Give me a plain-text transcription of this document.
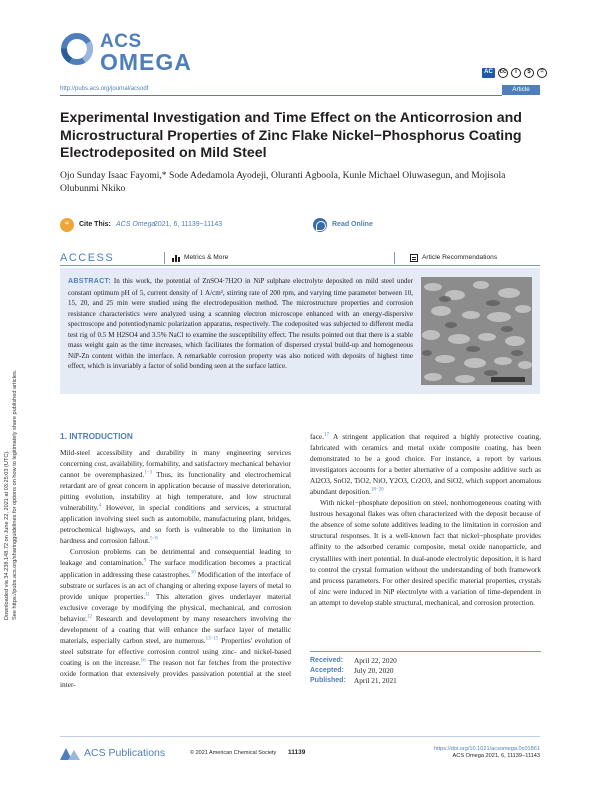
Downloaded via 34.238.148.72 on June 22, 2021 at 03:25:03 (UTC). See https://pubs.acs.org/sharingguidelines for options on how to legitimately share published articles.
ACS
OMEGA	AC	cc	i	$	=
http://pubs.acs.org/journal/acsodf	Article
Experimental Investigation and Time Effect on the Anticorrosion and Microstructural Properties of Zinc Flake Nickel−Phosphorus Coating Electrodeposited on Mild Steel
Ojo Sunday Isaac Fayomi,* Sode Adedamola Ayodeji, Oluranti Agboola, Kunle Michael Oluwasegun, and Mojisola Olubunmi Nkiko
“	Cite This: ACS Omega
2021, 6, 11139−11143	Read Online
ACCESS	Metrics & More	Article Recommendations
ABSTRACT: In this work, the potential of ZnSO4·7H2O in NiP sulphate electrolyte deposited on mild steel under constant optimum pH of 5, current density of 1 A/cm², stirring rate of 200 rpm, and varying time parameter between 10, 15, 20, and 25 min were studied using the electrodeposition method. The microstructure properties and corrosion resistance characteristics were analyzed using a scanning electron microscope enhanced with an energy-dispersive spectroscope and potentiodynamic polarization apparatus, respectively. The codeposited was subjected to different media test rig of 0.5 M H2SO4 and 3.5% NaCl to examine the susceptibility effect. The results pointed out that there is a stable mass weight gain as the time increases, which facilitates the formation of dispersed crystal build-up and homogeneous NiP-Zn content within the interface. A remarkable corrosion property was also noticed with deposits of highest time effect, which is invariably a factor of solid bonding seen at the surface lattice.
1. INTRODUCTION

Mild-steel accessibility and durability in many engineering services concerning cost, availability, formability, and satisfactory mechanical behavior cannot be overemphasized.$^{1-3}$ Thus, its functionality and electrochemical retardant are of great concern in application because of massive deterioration, pitting evolution, instability at high temperature, and low structural vulnerability.$^4$ However, in special conditions and services, a structural application involving steel such as automobile, manufacturing plant, bridges, petrochemical highways, and so forth is vulnerable to the limitation in hardness and corrosion fallout.$^{5-8}$

Corrosion problems can be detrimental and consequential leading to leakage and contamination.$^9$ The surface modification becomes a practical application in addressing these catastrophes.$^{10}$ Modification of the interface of substrate or surfaces is an act of changing or altering expose layers of metal to provide unique properties.$^{11}$ This alteration gives underlayer material exclusive coverage by modifying the physical, mechanical, and corrosion behavior.$^{12}$ Research and development by many researchers involving the development of a coating that will enhance the surface layer of metallic materials, especially carbon steel, are numerous.$^{13-15}$ Properties' evolution of steel substrate for effective corrosion control using zinc- and nickel-based coating is on the increase.$^{16}$ The reason not far fetches from the protective oxide formation that extensively provides passivation potential at the steel inter-

face.$^{17}$ A stringent application that required a highly protective coating, fabricated with ceramics and metal oxide composite coating, has been demonstrated to be a good choice. For instance, a report by various investigators accounts for a better alternative of a composite additive such as Al2O3, SnO2, TiO2, NiO, Y2O3, Cr2O3, and SiO2, which support anomalous abundant deposition.$^{18-20}$

With nickel−phosphate deposition on steel, nonhomogeneous coating with lustrous hexagonal flakes was often characterized with the deposit because of the absence of some solute additives leading to the limitation in corrosion and structural responses. It is a well-known fact that nickel−phosphate provides affinity to the adsorbed ceramic composite, metal oxide nanoparticle, and crystallites with inert potential. In dual-anode electrolytic deposition, it is hard to control the crystal formation without the understanding of both framework and process parameters. For other desired specific material properties, crystals of zinc were induced in NiP electrolyte with a variation of time-dependent in an attempt to develop stable structural, mechanical, and corrosion protection.

Received:	April 22, 2020
Accepted:	July 20, 2020
Published:	April 21, 2021
ACS Publications	© 2021 American Chemical Society 11139	https://doi.org/10.1021/acsomega.0c01861
ACS Omega 2021, 6, 11139−11143
